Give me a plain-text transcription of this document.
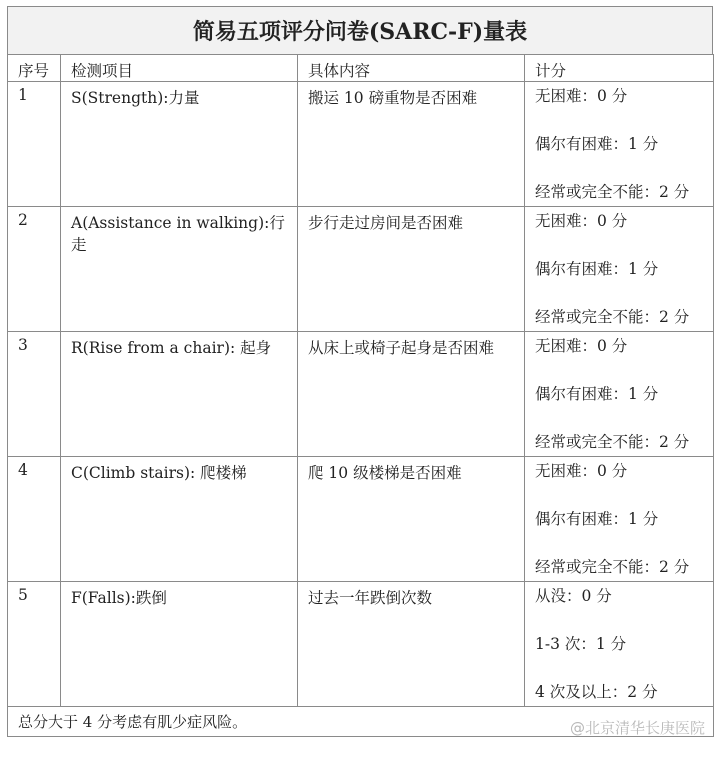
简易五项评分问卷(SARC-F)量表
序号	检测项目	具体内容	计分
1	S(Strength):力量	搬运 10 磅重物是否困难	无困难：0 分
偶尔有困难：1 分
经常或完全不能：2 分

2	A(Assistance in walking):行走	步行走过房间是否困难	无困难：0 分
偶尔有困难：1 分
经常或完全不能：2 分

3	R(Rise from a chair): 起身	从床上或椅子起身是否困难	无困难：0 分
偶尔有困难：1 分
经常或完全不能：2 分

4	C(Climb stairs): 爬楼梯	爬 10 级楼梯是否困难	无困难：0 分
偶尔有困难：1 分
经常或完全不能：2 分

5	F(Falls):跌倒	过去一年跌倒次数	从没：0 分
1-3 次：1 分
4 次及以上：2 分

总分大于 4 分考虑有肌少症风险。				@北京清华长庚医院
